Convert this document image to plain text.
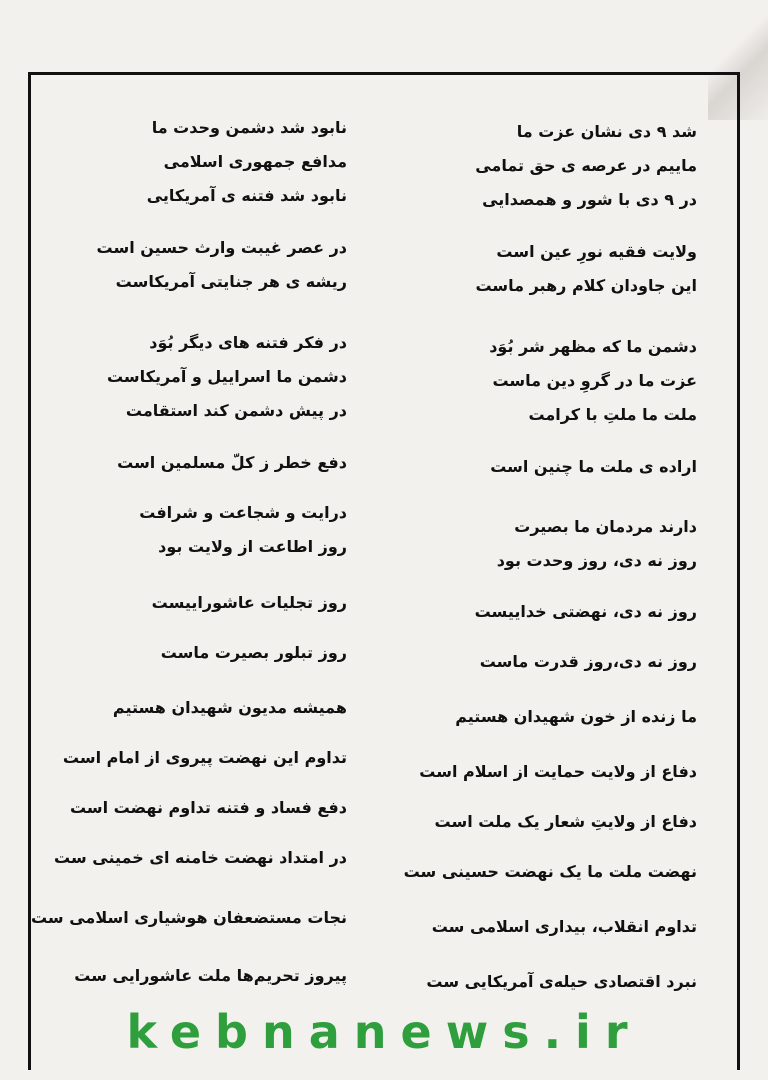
شد ۹ دی نشان عزت ما
ماییم در عرصه ی حق تمامی
در ۹ دی با شور و همصدایی
ولایت فقیه نورِ عین است
این جاودان کلام رهبر ماست
دشمن ما که مظهر شر بُوَد
عزت ما در گروِ دین ماست
ملت ما ملتِ با کرامت
اراده ی ملت ما چنین است
دارند مردمان ما بصیرت
روز نه دی، روز وحدت بود
روز نه دی، نهضتی خداییست
روز نه دی،روز قدرت ماست
ما زنده از خون شهیدان هستیم
دفاع از ولایت حمایت از اسلام است
دفاع از ولایتِ شعار یک ملت است
نهضت ملت ما یک نهضت حسینی ست
تداوم انقلاب، بیداری اسلامی ست
نبرد اقتصادی حیله‌ی آمریکایی ست
نابود شد دشمن وحدت ما
مدافع جمهوری اسلامی
نابود شد فتنه ی آمریکایی
در عصر غیبت وارث حسین است
ریشه ی هر جنایتی آمریکاست
در فکر فتنه های دیگر بُوَد
دشمن ما اسراییل و آمریکاست
در پیش دشمن کند استقامت
دفع خطر ز کلّ مسلمین است
درایت و شجاعت و شرافت
روز اطاعت از ولایت بود
روز تجلیات عاشوراییست
روز تبلور بصیرت ماست
همیشه مدیون شهیدان هستیم
تداوم این نهضت پیروی از امام است
دفع فساد و فتنه تداوم نهضت است
در امتداد نهضت خامنه ای خمینی ست
نجات مستضعفان هوشیاری اسلامی ست
پیروز تحریم‌ها ملت عاشورایی ست
kebnanews.ir
